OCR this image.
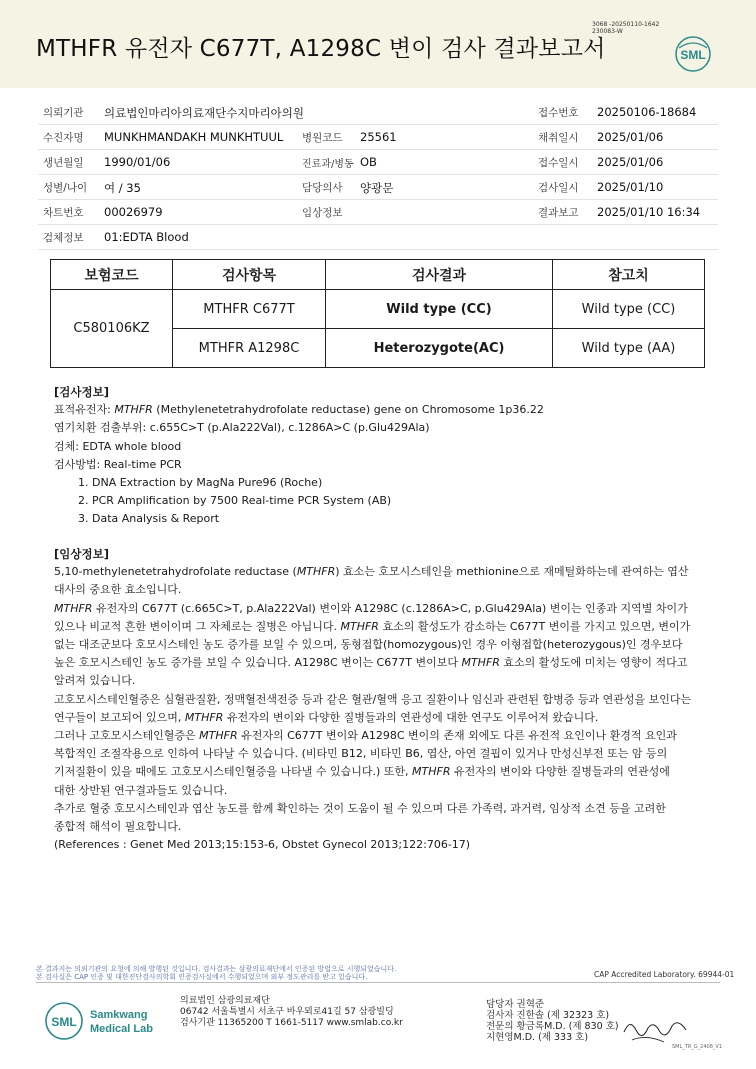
MTHFR 유전자 C677T, A1298C 변이 검사 결과보고서
3068 -20250110-1642
230083-W
SML
의뢰기관 의료법인마리아의료재단수지마리아의원	접수번호 20250106-18684
수진자명 MUNKHMANDAKH MUNKHTUUL 병원코드 25561	채취일시 2025/01/06
생년월일 1990/01/06	진료과/병동 OB	접수일시 2025/01/06
성별/나이 여 / 35	담당의사 양광문	검사일시 2025/01/10
차트번호 00026979	임상정보	결과보고 2025/01/10 16:34
검체정보 01:EDTA Blood
보험코드	검사항목	검사결과	참고치
C580106KZ	MTHFR C677T	Wild type (CC)	Wild type (CC)
	MTHFR A1298C	Heterozygote(AC)	Wild type (AA)
[검사정보]
표적유전자: MTHFR (Methylenetetrahydrofolate reductase) gene on Chromosome 1p36.22
염기치환 검출부위: c.655C>T (p.Ala222Val), c.1286A>C (p.Glu429Ala)
검체: EDTA whole blood
검사방법: Real-time PCR
1. DNA Extraction by MagNa Pure96 (Roche)
2. PCR Amplification by 7500 Real-time PCR System (AB)
3. Data Analysis & Report
[임상정보]
5,10-methylenetetrahydrofolate reductase (MTHFR) 효소는 호모시스테인을 methionine으로 재메틸화하는데 관여하는 엽산
대사의 중요한 효소입니다.
MTHFR 유전자의 C677T (c.665C>T, p.Ala222Val) 변이와 A1298C (c.1286A>C, p.Glu429Ala) 변이는 인종과 지역별 차이가
있으나 비교적 흔한 변이이며 그 자체로는 질병은 아닙니다. MTHFR 효소의 활성도가 감소하는 C677T 변이를 가지고 있으면, 변이가
없는 대조군보다 호모시스테인 농도 증가를 보일 수 있으며, 동형접합(homozygous)인 경우 이형접합(heterozygous)인 경우보다
높은 호모시스테인 농도 증가를 보일 수 있습니다. A1298C 변이는 C677T 변이보다 MTHFR 효소의 활성도에 미치는 영향이 적다고
알려져 있습니다.
고호모시스테인혈증은 심혈관질환, 정맥혈전색전증 등과 같은 혈관/혈액 응고 질환이나 임신과 관련된 합병증 등과 연관성을 보인다는
연구들이 보고되어 있으며, MTHFR 유전자의 변이와 다양한 질병들과의 연관성에 대한 연구도 이루어져 왔습니다.
그러나 고호모시스테인혈증은 MTHFR 유전자의 C677T 변이와 A1298C 변이의 존재 외에도 다른 유전적 요인이나 환경적 요인과
복합적인 조절작용으로 인하여 나타날 수 있습니다. (비타민 B12, 비타민 B6, 엽산, 아연 결핍이 있거나 만성신부전 또는 암 등의
기저질환이 있을 때에도 고호모시스테인혈증을 나타낼 수 있습니다.) 또한, MTHFR 유전자의 변이와 다양한 질병들과의 연관성에
대한 상반된 연구결과들도 있습니다.
추가로 혈중 호모시스테인과 엽산 농도를 함께 확인하는 것이 도움이 될 수 있으며 다른 가족력, 과거력, 임상적 소견 등을 고려한
종합적 해석이 필요합니다.
(References : Genet Med 2013;15:153-6, Obstet Gynecol 2013;122:706-17)
본 결과지는 의뢰기관의 요청에 의해 발행된 것입니다. 검사결과는 삼광의료재단에서 인증된 방법으로 시행되었습니다.
본 검사실은 CAP 인증 및 대한진단검사의학회 인증검사실에서 수행되었으며 외부 정도관리를 받고 있습니다.	CAP Accredited Laboratory. 69944-01
SML Samkwang
Medical Lab
의료법인 삼광의료재단
06742 서울특별시 서초구 바우뫼로41길 57 삼광빌딩
검사기관 11365200 T 1661-5117 www.smlab.co.kr
담당자 권혁준
검사자 진한솔 (제 32323 호)
전문의 황금록M.D. (제 830 호)
지현영M.D. (제 333 호)
SML_TR_G_2408_V1
